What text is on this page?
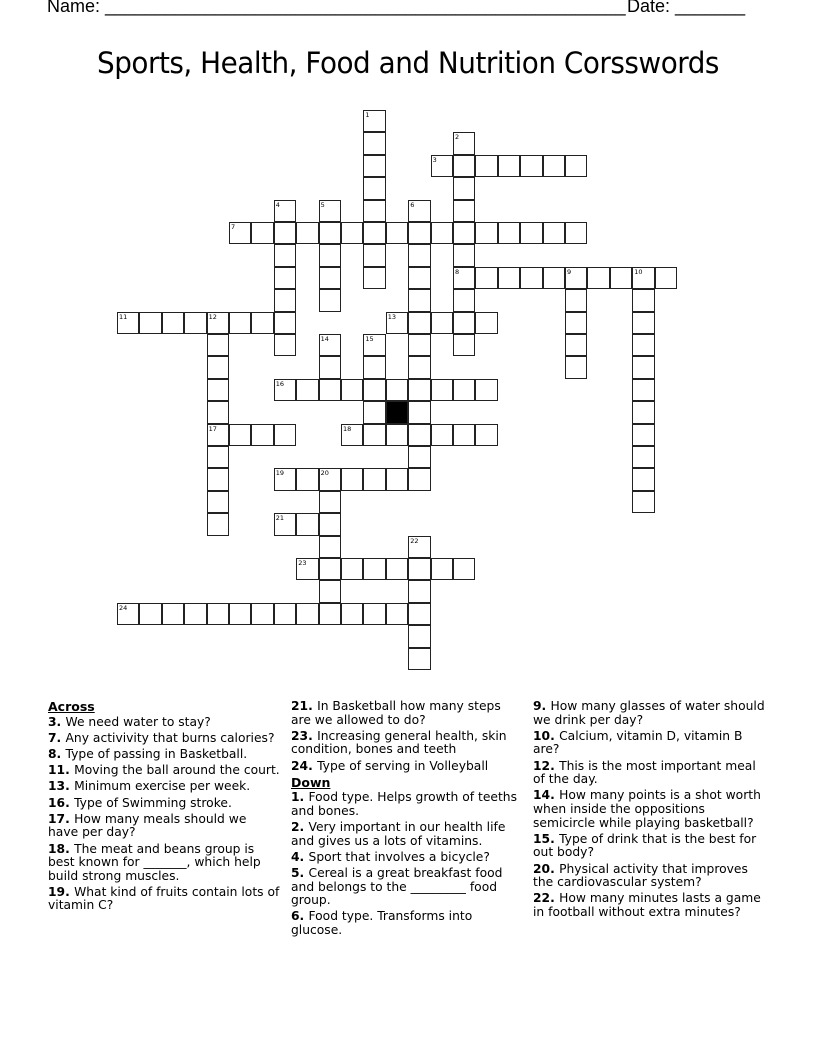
Name: ____________________________________________________ Date: _______
Sports, Health, Food and Nutrition Corsswords
1
2
8
3
4	5	6
7
9	10
11	12
17
13
14	15
16
18
19	20
21
22
23
24
Across
3. We need water to stay?
7. Any activivity that burns calories?
8. Type of passing in Basketball.
11. Moving the ball around the court.
13. Minimum exercise per week.
16. Type of Swimming stroke.
17. How many meals should we have per day?
18. The meat and beans group is best known for _______, which help build strong muscles.
19. What kind of fruits contain lots of vitamin C?
21. In Basketball how many steps are we allowed to do?
23. Increasing general health, skin condition, bones and teeth
24. Type of serving in Volleyball
Down
1. Food type. Helps growth of teeths and bones.
2. Very important in our health life and gives us a lots of vitamins.
4. Sport that involves a bicycle?
5. Cereal is a great breakfast food and belongs to the _________ food group.
6. Food type. Transforms into glucose.
9. How many glasses of water should we drink per day?
10. Calcium, vitamin D, vitamin B are?
12. This is the most important meal of the day.
14. How many points is a shot worth when inside the oppositions semicircle while playing basketball?
15. Type of drink that is the best for out body?
20. Physical activity that improves the cardiovascular system?
22. How many minutes lasts a game in football without extra minutes?
